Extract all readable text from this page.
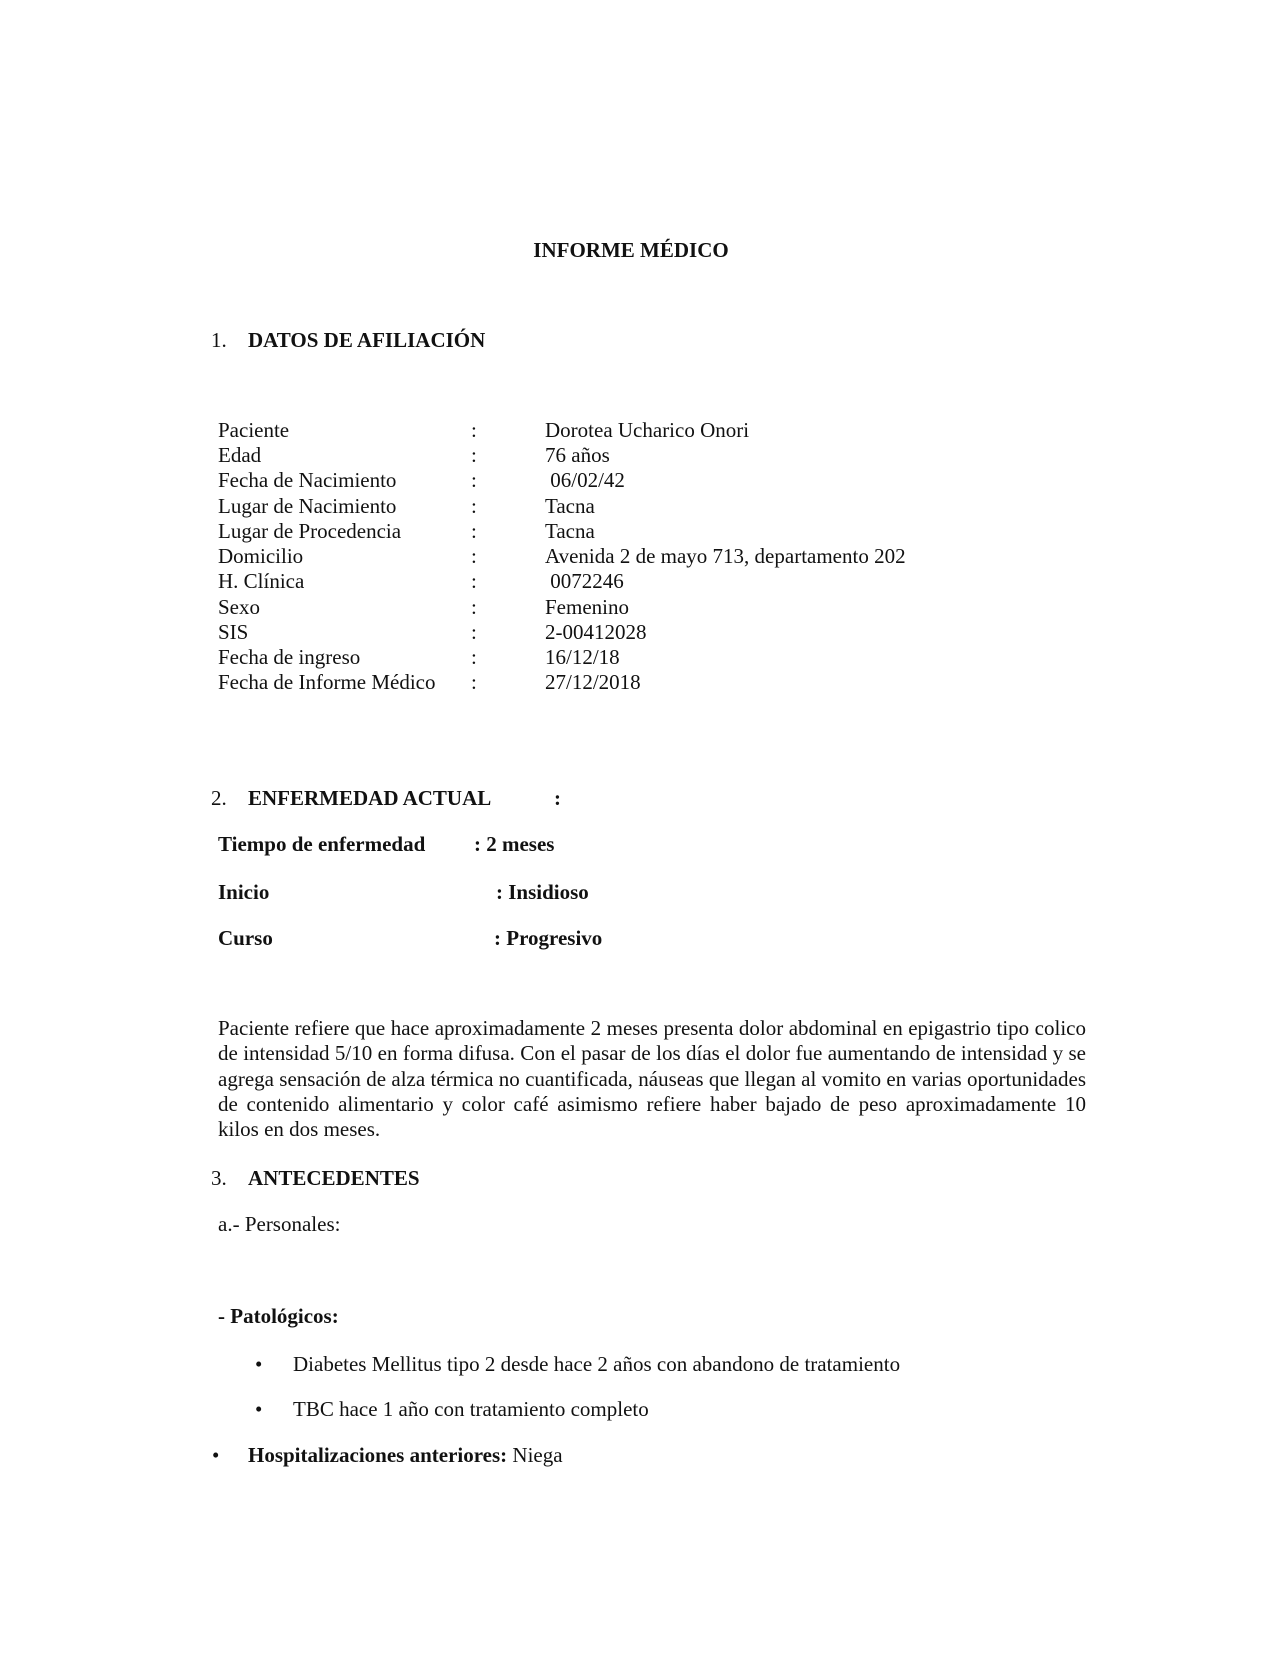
INFORME MÉDICO
1. DATOS DE AFILIACIÓN
Paciente	:	Dorotea Ucharico Onori
Edad	:	76 años
Fecha de Nacimiento	:	06/02/42
Lugar de Nacimiento	:	Tacna
Lugar de Procedencia	:	Tacna
Domicilio	:	Avenida 2 de mayo 713, departamento 202
H. Clínica	:	0072246
Sexo	:	Femenino
SIS	:	2-00412028
Fecha de ingreso	:	16/12/18
Fecha de Informe Médico :	27/12/2018
2. ENFERMEDAD ACTUAL	:
Tiempo de enfermedad : 2 meses
Inicio	: Insidioso
Curso	: Progresivo
Paciente refiere que hace aproximadamente 2 meses presenta dolor abdominal en epigastrio tipo colico de intensidad 5/10 en forma difusa. Con el pasar de los días el dolor fue aumentando de intensidad y se agrega sensación de alza térmica no cuantificada, náuseas que llegan al vomito en varias oportunidades de contenido alimentario y color café asimismo refiere haber bajado de peso aproximadamente 10 kilos en dos meses.
3. ANTECEDENTES
a.- Personales:
- Patológicos:
• Diabetes Mellitus tipo 2 desde hace 2 años con abandono de tratamiento
• TBC hace 1 año con tratamiento completo
• Hospitalizaciones anteriores: Niega
